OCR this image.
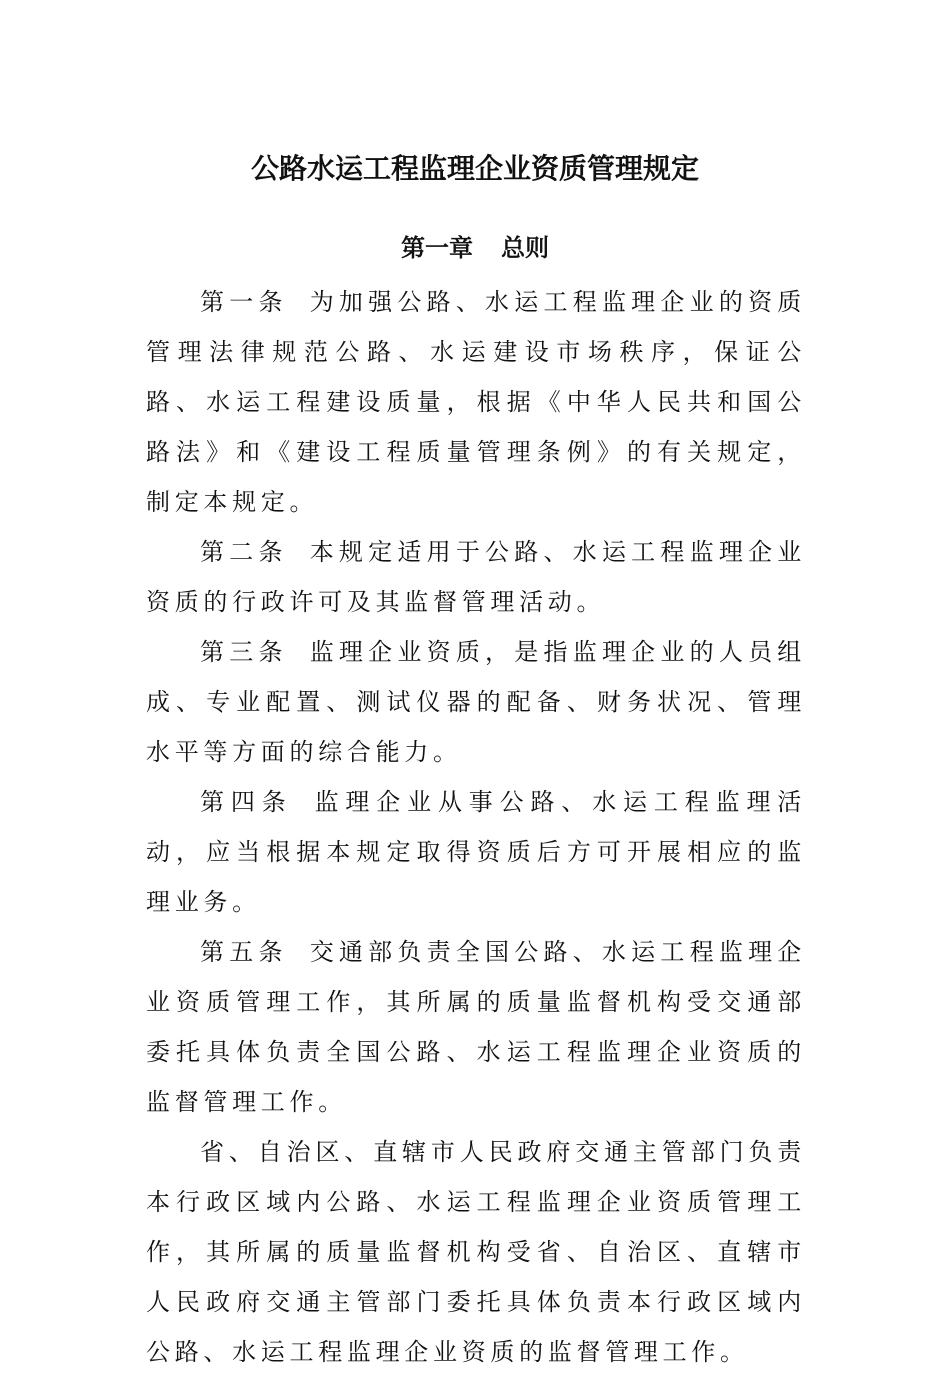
公路水运工程监理企业资质管理规定
第一章 总则

第一条 为加强公路、水运工程监理企业的资质管理法律规范公路、水运建设市场秩序，保证公路、水运工程建设质量，根据《中华人民共和国公路法》和《建设工程质量管理条例》的有关规定，制定本规定。

第二条 本规定适用于公路、水运工程监理企业资质的行政许可及其监督管理活动。

第三条 监理企业资质，是指监理企业的人员组成、专业配置、测试仪器的配备、财务状况、管理水平等方面的综合能力。

第四条 监理企业从事公路、水运工程监理活动，应当根据本规定取得资质后方可开展相应的监理业务。

第五条 交通部负责全国公路、水运工程监理企业资质管理工作，其所属的质量监督机构受交通部委托具体负责全国公路、水运工程监理企业资质的监督管理工作。

省、自治区、直辖市人民政府交通主管部门负责本行政区域内公路、水运工程监理企业资质管理工作，其所属的质量监督机构受省、自治区、直辖市人民政府交通主管部门委托具体负责本行政区域内公路、水运工程监理企业资质的监督管理工作。
